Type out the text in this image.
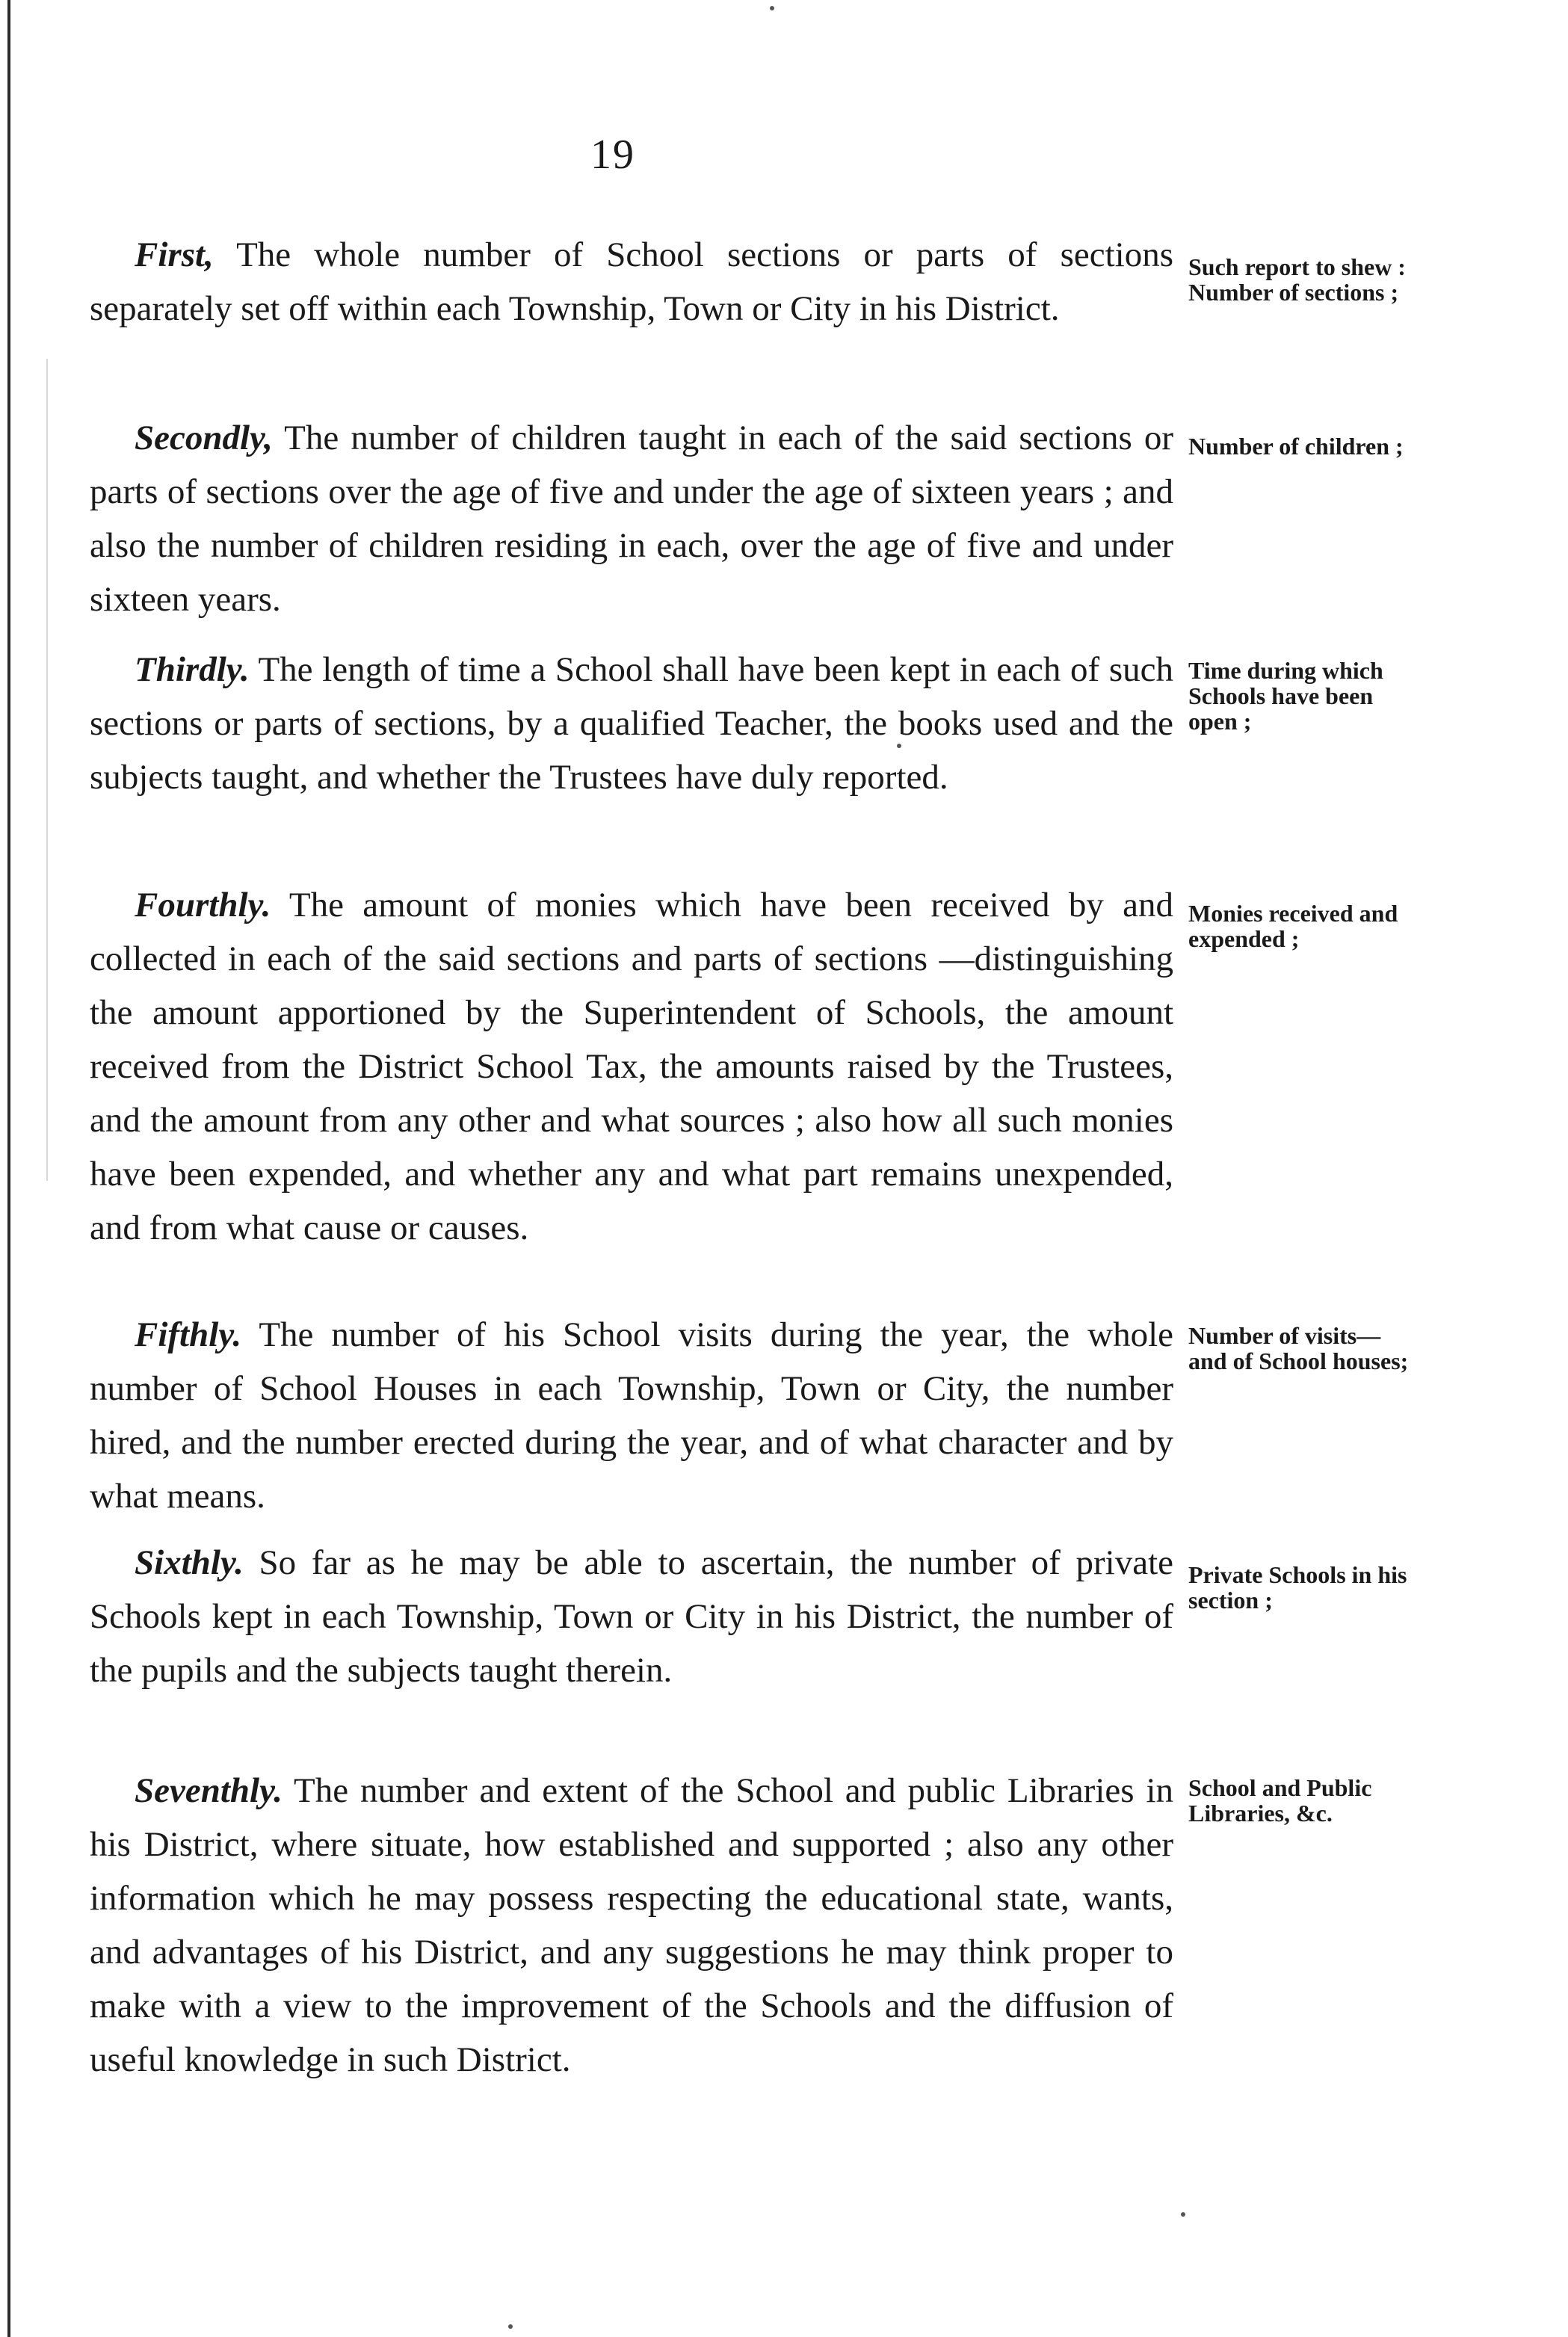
19

First, The whole number of School sections or parts of sections separately set off within each Township, Town or City in his District.

Such report to shew : Number of sections ;

Secondly, The number of children taught in each of the said sections or parts of sections over the age of five and under the age of sixteen years ; and also the number of children residing in each, over the age of five and under sixteen years.

Number of children ;

Thirdly. The length of time a School shall have been kept in each of such sections or parts of sections, by a qualified Teacher, the books used and the subjects taught, and whether the Trustees have duly reported.

Time during which Schools have been open ;

Fourthly. The amount of monies which have been received by and collected in each of the said sections and parts of sections —distinguishing the amount apportioned by the Superintendent of Schools, the amount received from the District School Tax, the amounts raised by the Trustees, and the amount from any other and what sources ; also how all such monies have been expended, and whether any and what part remains unexpended, and from what cause or causes.

Monies received and expended ;

Fifthly. The number of his School visits during the year, the whole number of School Houses in each Township, Town or City, the number hired, and the number erected during the year, and of what character and by what means.

Number of visits—and of School houses;

Sixthly. So far as he may be able to ascertain, the number of private Schools kept in each Township, Town or City in his District, the number of the pupils and the subjects taught therein.

Private Schools in his section ;

Seventhly. The number and extent of the School and public Libraries in his District, where situate, how established and supported ; also any other information which he may possess respecting the educational state, wants, and advantages of his District, and any suggestions he may think proper to make with a view to the improvement of the Schools and the diffusion of useful knowledge in such District.

School and Public Libraries, &c.
